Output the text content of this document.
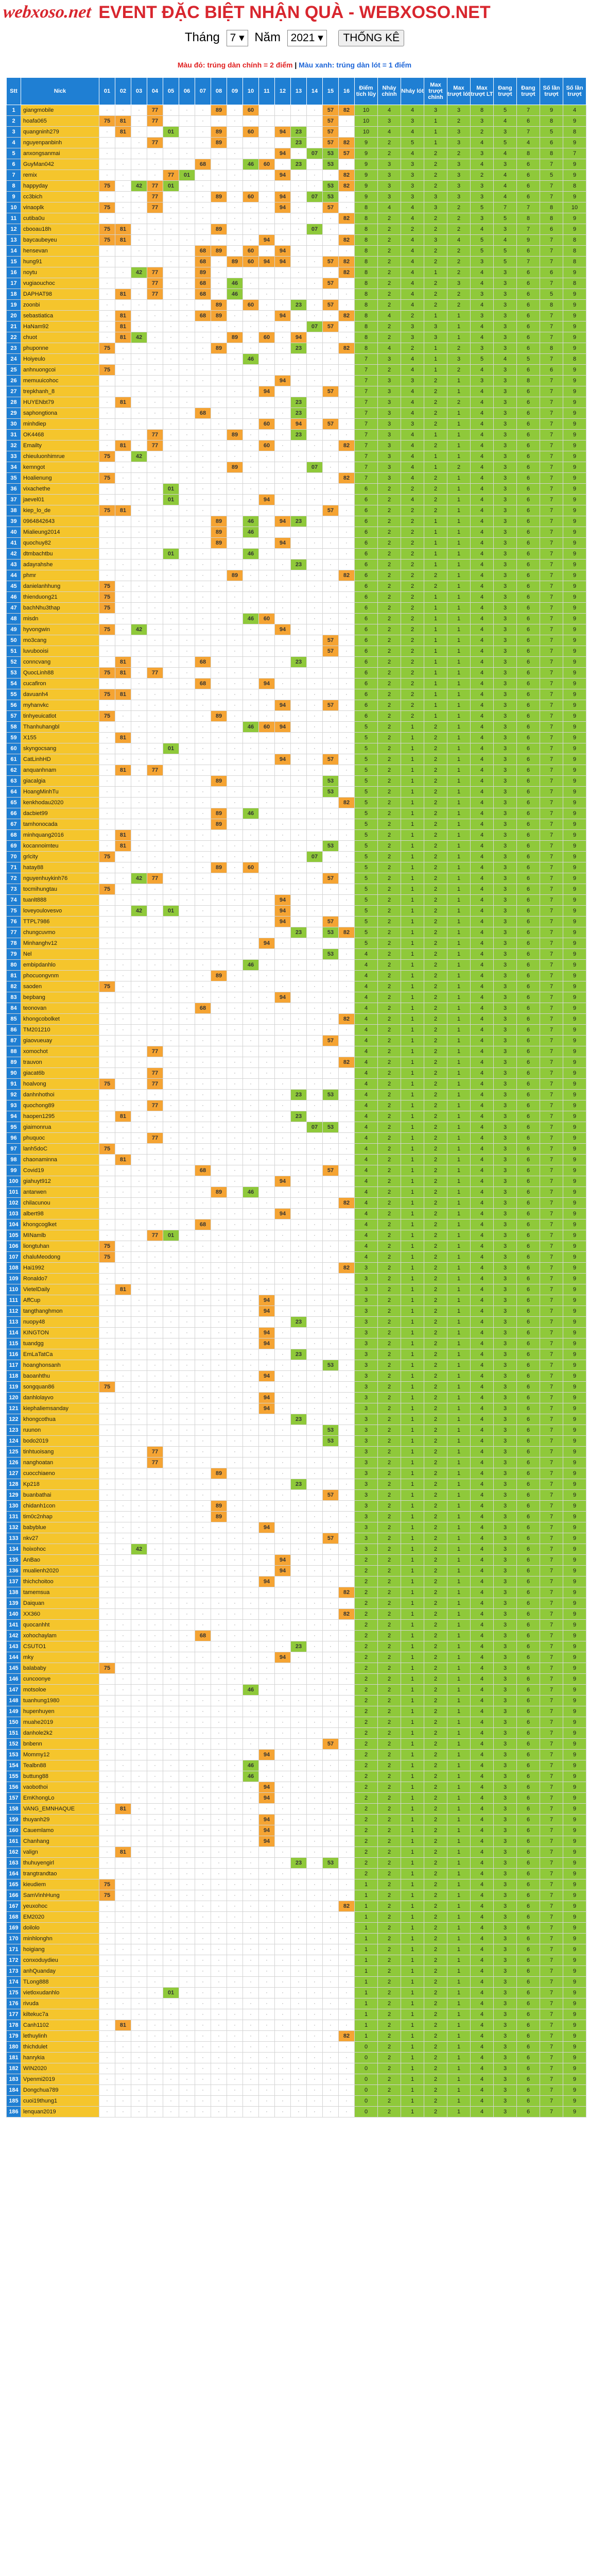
webxoso.net EVENT ĐẶC BIỆT NHẬN QUÀ - WEBXOSO.NET
Tháng 7 ▾ Năm 2021 ▾ THỐNG KÊ
Màu đỏ: trúng dàn chính = 2 điểm | Màu xanh: trúng dàn lót = 1 điểm
Stt	Nick	01	02	03	04	05	06	07	08	09	10	11	12	13	14	15	16	Điểm tích lũy	Nháy chính	Nháy lót	Max trượt chính	Max trượt lót	Max trượt LT	Đang trượt	Đang trượt	Số lần trượt	Số lần trượt
1	giangmobile	·	·	·	77	·	·	·	89	·	60	·	·	·	·	57	82	10	4	4	3	3	8	5	7	9	4
2	hoafa065	75	81	·	77	·	·	·	·	·	·	·	·	·	·	57	·	10	3	3	1	2	3	4	6	8	9
3	quangninh279	·	81	·	·	01	·	·	89	·	60	·	94	23	·	57	·	10	4	4	1	3	2	3	7	5	8
4	nguyenpanbinh	·	·	·	77	·	·	·	89	·	·	·	·	23	·	57	82	9	2	5	1	3	4	5	4	6	9
5	anxongsanmai	·	·	·	·	·	·	·	·	·	·	·	94	·	07	53	57	9	2	4	2	2	3	4	8	8	7
6	GuyMan042	·	·	·	·	·	·	68	·	·	46	60	·	23	·	53	·	9	3	3	2	3	4	3	6	7	9
7	remix	·	·	·	·	77	01	·	·	·	·	·	94	·	·	·	82	9	3	3	2	3	2	4	6	5	9
8	happyday	75	·	42	77	01	·	·	·	·	·	·	·	·	·	53	82	9	3	3	2	3	3	4	6	7	8
9	cc3bich	·	·	·	77	·	·	·	89	·	60	·	94	·	07	53	·	9	3	3	3	3	3	4	6	7	9
10	vinaoplk	75	·	·	77	·	·	·	·	·	·	·	94	·	·	57	·	8	4	4	3	2	5	7	7	8	10
11	cutiba0u	·	·	·	·	·	·	·	·	·	·	·	·	·	·	·	82	8	2	4	2	2	3	5	8	8	9
12	cbooau18h	75	81	·	·	·	·	·	89	·	·	·	·	·	07	·	·	8	2	2	2	2	4	3	7	6	9
13	baycaubeyeu	75	81	·	·	·	·	·	·	·	·	94	·	·	·	·	82	8	2	4	3	4	5	4	9	7	8
14	hensevan	·	·	·	·	·	·	68	89	·	60	·	94	·	·	·	·	8	2	4	2	2	5	5	6	7	8
15	hung91	·	·	·	·	·	·	68	·	89	60	94	94	·	·	57	82	8	2	4	2	2	3	5	7	7	8
16	noytu	·	·	42	77	·	·	89	·	·	·	·	·	·	·	·	82	8	2	4	1	2	4	3	6	6	9
17	vugiaouchoc	·	·	·	77	·	·	68	·	46	·	·	·	·	·	57	·	8	2	4	2	3	4	3	6	7	8
18	DAPHAT98	·	81	·	77	·	·	68	·	46	·	·	·	·	·	·	·	8	2	4	2	2	3	3	6	5	9
19	zoonbi	·	·	·	·	·	·	·	89	·	60	·	·	23	·	57	·	8	2	4	2	2	4	3	6	8	9
20	sebastiatica	·	81	·	·	·	·	68	89	·	·	·	94	·	·	·	82	8	4	2	1	1	3	3	6	7	9
21	HaNam92	·	81	·	·	·	·	·	·	·	·	·	·	·	07	57	·	8	2	3	3	1	4	3	6	7	9
22	chuot	·	81	42	·	·	·	·	·	89	·	60	·	94	·	·	·	8	2	3	3	1	4	3	6	7	9
23	phuponne	75	·	·	·	·	·	·	89	·	·	·	·	23	·	·	82	8	4	2	1	2	3	3	6	8	9
24	Hoiyeulo	·	·	·	·	·	·	·	·	·	46	·	·	·	·	·	·	7	3	4	1	3	5	4	5	7	8
25	anhnuongcoi	75	·	·	·	·	·	·	·	·	·	·	·	·	·	·	·	7	2	4	1	2	4	3	6	6	9
26	memuuicohoc	·	·	·	·	·	·	·	·	·	·	·	94	·	·	·	·	7	3	3	2	1	3	3	8	7	9
27	trepkhanh_8	·	·	·	·	·	·	·	·	·	·	94	·	·	·	57	·	7	3	4	2	1	4	3	6	7	9
28	HUYENbt79	·	81	·	·	·	·	·	·	·	·	·	·	23	·	·	·	7	3	4	2	2	4	3	6	7	9
29	saphongtiona	·	·	·	·	·	·	68	·	·	·	·	·	23	·	·	·	7	3	4	2	1	4	3	6	7	9
30	minhdiep	·	·	·	·	·	·	·	·	·	·	60	·	94	·	57	·	7	3	3	2	1	4	3	6	7	9
31	OK4468	·	·	·	77	·	·	·	·	89	·	·	·	23	·	·	·	7	3	4	1	1	4	3	6	7	9
32	Emailty	·	81	·	77	·	·	·	·	·	·	60	·	·	·	·	82	7	3	4	2	1	4	3	6	7	9
33	chieuluonhimrue	75	·	42	·	·	·	·	·	·	·	·	·	·	·	·	·	7	3	4	1	1	4	3	6	7	9
34	kemngot	·	·	·	·	·	·	·	·	89	·	·	·	·	07	·	·	7	3	4	1	2	4	3	6	7	9
35	Hoalienung	75	·	·	·	·	·	·	·	·	·	·	·	·	·	·	82	7	3	4	2	1	4	3	6	7	9
36	vixachethe	·	·	·	·	01	·	·	·	·	·	·	·	·	·	·	·	6	2	2	2	1	4	3	6	7	9
37	jaevel01	·	·	·	·	01	·	·	·	·	·	94	·	·	·	·	·	6	2	4	2	1	4	3	6	7	9
38	kiep_lo_de	75	81	·	·	·	·	·	·	·	·	·	·	·	·	57	·	6	2	2	2	1	4	3	6	7	9
39	0964842643	·	·	·	·	·	·	·	89	·	46	·	94	23	·	·	·	6	2	2	1	1	4	3	6	7	9
40	Mialieung2014	·	·	·	·	·	·	·	89	·	46	·	·	·	·	·	·	6	2	2	1	1	4	3	6	7	9
41	quochuy82	·	·	·	·	·	·	·	89	·	·	·	94	·	·	·	·	6	2	2	1	1	4	3	6	7	9
42	dtmbachtbu	·	·	·	·	01	·	·	·	·	46	·	·	·	·	·	·	6	2	2	1	1	4	3	6	7	9
43	adayrahshe	·	·	·	·	·	·	·	·	·	·	·	·	23	·	·	·	6	2	2	1	1	4	3	6	7	9
44	phmr	·	·	·	·	·	·	·	·	89	·	·	·	·	·	·	82	6	2	2	2	1	4	3	6	7	9
45	danielanhhung	75	·	·	·	·	·	·	·	·	·	·	·	·	·	·	·	6	2	2	2	1	4	3	6	7	9
46	thienduong21	75	·	·	·	·	·	·	·	·	·	·	·	·	·	·	·	6	2	2	1	1	4	3	6	7	9
47	bachNhu3thap	75	·	·	·	·	·	·	·	·	·	·	·	·	·	·	·	6	2	2	1	1	4	3	6	7	9
48	misdn	·	·	·	·	·	·	·	·	·	46	60	·	·	·	·	·	6	2	2	1	1	4	3	6	7	9
49	hyvongwin	75	·	42	·	·	·	·	·	·	·	·	94	·	·	·	·	6	2	2	1	1	4	3	6	7	9
50	mo3cang	·	·	·	·	·	·	·	·	·	·	·	·	·	·	57	·	6	2	2	1	1	4	3	6	7	9
51	luvubooisi	·	·	·	·	·	·	·	·	·	·	·	·	·	·	57	·	6	2	2	1	1	4	3	6	7	9
52	conncvang	·	81	·	·	·	·	68	·	·	·	·	·	23	·	·	·	6	2	2	1	1	4	3	6	7	9
53	QuocLinh88	75	81	·	77	·	·	·	·	·	·	·	·	·	·	·	·	6	2	2	1	1	4	3	6	7	9
54	cucafiron	·	·	·	·	·	·	68	·	·	·	94	·	·	·	·	·	6	2	2	1	1	4	3	6	7	9
55	davuanh4	75	81	·	·	·	·	·	·	·	·	·	·	·	·	·	·	6	2	2	1	1	4	3	6	7	9
56	myhanvkc	·	·	·	·	·	·	·	·	·	·	·	94	·	·	57	·	6	2	2	1	1	4	3	6	7	9
57	tinhyeuicatlot	75	·	·	·	·	·	·	89	·	·	·	·	·	·	·	·	6	2	2	1	1	4	3	6	7	9
58	Thanhuhangbl	·	·	·	·	·	·	·	·	·	46	60	94	·	·	·	·	5	2	1	2	1	4	3	6	7	9
59	X155	·	81	·	·	·	·	·	·	·	·	·	·	·	·	·	·	5	2	1	2	1	4	3	6	7	9
60	skyngocsang	·	·	·	·	01	·	·	·	·	·	·	·	·	·	·	·	5	2	1	2	1	4	3	6	7	9
61	CatLinhHD	·	·	·	·	·	·	·	·	·	·	·	94	·	·	57	·	5	2	1	2	1	4	3	6	7	9
62	anquanhnam	·	81	·	77	·	·	·	·	·	·	·	·	·	·	·	·	5	2	1	2	1	4	3	6	7	9
63	giacalgia	·	·	·	·	·	·	·	89	·	·	·	·	·	·	53	·	5	2	1	2	1	4	3	6	7	9
64	HoangMinhTu	·	·	·	·	·	·	·	·	·	·	·	·	·	·	53	·	5	2	1	2	1	4	3	6	7	9
65	kenkhodau2020	·	·	·	·	·	·	·	·	·	·	·	·	·	·	·	82	5	2	1	2	1	4	3	6	7	9
66	dacbiet99	·	·	·	·	·	·	·	89	·	46	·	·	·	·	·	·	5	2	1	2	1	4	3	6	7	9
67	tamhonocada	·	·	·	·	·	·	·	89	·	·	·	·	·	·	·	·	5	2	1	2	1	4	3	6	7	9
68	minhquang2016	·	81	·	·	·	·	·	·	·	·	·	·	·	·	·	·	5	2	1	2	1	4	3	6	7	9
69	kocannoimteu	·	81	·	·	·	·	·	·	·	·	·	·	·	·	53	·	5	2	1	2	1	4	3	6	7	9
70	grlcity	75	·	·	·	·	·	·	·	·	·	·	·	·	07	·	·	5	2	1	2	1	4	3	6	7	9
71	hatay88	·	·	·	·	·	·	·	89	·	60	·	·	·	·	·	·	5	2	1	2	1	4	3	6	7	9
72	nguyenhuykinh76	·	·	42	77	·	·	·	·	·	·	·	·	·	·	57	·	5	2	1	2	1	4	3	6	7	9
73	tocmihungtau	75	·	·	·	·	·	·	·	·	·	·	·	·	·	·	·	5	2	1	2	1	4	3	6	7	9
74	tuanlt888	·	·	·	·	·	·	·	·	·	·	·	94	·	·	·	·	5	2	1	2	1	4	3	6	7	9
75	loveyoulovesvo	·	·	42	·	01	·	·	·	·	·	·	94	·	·	·	·	5	2	1	2	1	4	3	6	7	9
76	TTPL7986	·	·	·	·	·	·	·	·	·	·	·	94	·	·	57	·	5	2	1	2	1	4	3	6	7	9
77	chungcuvmo	·	·	·	·	·	·	·	·	·	·	·	·	23	·	53	82	5	2	1	2	1	4	3	6	7	9
78	Minhanghv12	·	·	·	·	·	·	·	·	·	·	94	·	·	·	·	·	5	2	1	2	1	4	3	6	7	9
79	Nel	·	·	·	·	·	·	·	·	·	·	·	·	·	·	53	·	4	2	1	2	1	4	3	6	7	9
80	embipdanhlo	·	·	·	·	·	·	·	·	·	46	·	·	·	·	·	·	4	2	1	2	1	4	3	6	7	9
81	phocuongvnm	·	·	·	·	·	·	·	89	·	·	·	·	·	·	·	·	4	2	1	2	1	4	3	6	7	9
82	saoden	75	·	·	·	·	·	·	·	·	·	·	·	·	·	·	·	4	2	1	2	1	4	3	6	7	9
83	bepbang	·	·	·	·	·	·	·	·	·	·	·	94	·	·	·	·	4	2	1	2	1	4	3	6	7	9
84	teonovan	·	·	·	·	·	·	68	·	·	·	·	·	·	·	·	·	4	2	1	2	1	4	3	6	7	9
85	khongcobolket	·	·	·	·	·	·	·	·	·	·	·	·	·	·	·	82	4	2	1	2	1	4	3	6	7	9
86	TM201210	·	·	·	·	·	·	·	·	·	·	·	·	·	·	·	·	4	2	1	2	1	4	3	6	7	9
87	giaovueuay	·	·	·	·	·	·	·	·	·	·	·	·	·	·	57	·	4	2	1	2	1	4	3	6	7	9
88	xomochot	·	·	·	77	·	·	·	·	·	·	·	·	·	·	·	·	4	2	1	2	1	4	3	6	7	9
89	trauvon	·	·	·	·	·	·	·	·	·	·	·	·	·	·	·	82	4	2	1	2	1	4	3	6	7	9
90	giacat6b	·	·	·	77	·	·	·	·	·	·	·	·	·	·	·	·	4	2	1	2	1	4	3	6	7	9
91	hoalvong	75	·	·	77	·	·	·	·	·	·	·	·	·	·	·	·	4	2	1	2	1	4	3	6	7	9
92	danhnhothoi	·	·	·	·	·	·	·	·	·	·	·	·	23	·	53	·	4	2	1	2	1	4	3	6	7	9
93	quochong89	·	·	·	77	·	·	·	·	·	·	·	·	·	·	·	·	4	2	1	2	1	4	3	6	7	9
94	haopen1295	·	81	·	·	·	·	·	·	·	·	·	·	23	·	·	·	4	2	1	2	1	4	3	6	7	9
95	giaimonrua	·	·	·	·	·	·	·	·	·	·	·	·	·	07	53	·	4	2	1	2	1	4	3	6	7	9
96	phuquoc	·	·	·	77	·	·	·	·	·	·	·	·	·	·	·	·	4	2	1	2	1	4	3	6	7	9
97	lanh5doC	75	·	·	·	·	·	·	·	·	·	·	·	·	·	·	·	4	2	1	2	1	4	3	6	7	9
98	chaonaminna	·	81	·	·	·	·	·	·	·	·	·	·	·	·	·	·	4	2	1	2	1	4	3	6	7	9
99	Covid19	·	·	·	·	·	·	68	·	·	·	·	·	·	·	57	·	4	2	1	2	1	4	3	6	7	9
100	giahuyt912	·	·	·	·	·	·	·	·	·	·	·	94	·	·	·	·	4	2	1	2	1	4	3	6	7	9
101	antarwen	·	·	·	·	·	·	·	89	·	46	·	·	·	·	·	·	4	2	1	2	1	4	3	6	7	9
102	chilacunou	·	·	·	·	·	·	·	·	·	·	·	·	·	·	·	82	4	2	1	2	1	4	3	6	7	9
103	albert98	·	·	·	·	·	·	·	·	·	·	·	94	·	·	·	·	4	2	1	2	1	4	3	6	7	9
104	khongcoglket	·	·	·	·	·	·	68	·	·	·	·	·	·	·	·	·	4	2	1	2	1	4	3	6	7	9
105	MINamlb	·	·	·	77	01	·	·	·	·	·	·	·	·	·	·	·	4	2	1	2	1	4	3	6	7	9
106	liongtuhan	75	·	·	·	·	·	·	·	·	·	·	·	·	·	·	·	4	2	1	2	1	4	3	6	7	9
107	chaluMeodong	75	·	·	·	·	·	·	·	·	·	·	·	·	·	·	·	4	2	1	2	1	4	3	6	7	9
108	Hai1992	·	·	·	·	·	·	·	·	·	·	·	·	·	·	·	82	3	2	1	2	1	4	3	6	7	9
109	Ronaldo7	·	·	·	·	·	·	·	·	·	·	·	·	·	·	·	·	3	2	1	2	1	4	3	6	7	9
110	VietelDaily	·	81	·	·	·	·	·	·	·	·	·	·	·	·	·	·	3	2	1	2	1	4	3	6	7	9
111	AffCup	·	·	·	·	·	·	·	·	·	·	94	·	·	·	·	·	3	2	1	2	1	4	3	6	7	9
112	tangthanghmon	·	·	·	·	·	·	·	·	·	·	94	·	·	·	·	·	3	2	1	2	1	4	3	6	7	9
113	nuopy48	·	·	·	·	·	·	·	·	·	·	·	·	23	·	·	·	3	2	1	2	1	4	3	6	7	9
114	KINGTON	·	·	·	·	·	·	·	·	·	·	94	·	·	·	·	·	3	2	1	2	1	4	3	6	7	9
115	tuandgg	·	·	·	·	·	·	·	·	·	·	94	·	·	·	·	·	3	2	1	2	1	4	3	6	7	9
116	EmLaTatCa	·	·	·	·	·	·	·	·	·	·	·	·	23	·	·	·	3	2	1	2	1	4	3	6	7	9
117	hoanghonsanh	·	·	·	·	·	·	·	·	·	·	·	·	·	·	53	·	3	2	1	2	1	4	3	6	7	9
118	baoanhthu	·	·	·	·	·	·	·	·	·	·	94	·	·	·	·	·	3	2	1	2	1	4	3	6	7	9
119	songquan86	75	·	·	·	·	·	·	·	·	·	·	·	·	·	·	·	3	2	1	2	1	4	3	6	7	9
120	danhlolayvo	·	·	·	·	·	·	·	·	·	·	94	·	·	·	·	·	3	2	1	2	1	4	3	6	7	9
121	kiephaliemsanday	·	·	·	·	·	·	·	·	·	·	94	·	·	·	·	·	3	2	1	2	1	4	3	6	7	9
122	khongcothua	·	·	·	·	·	·	·	·	·	·	·	·	23	·	·	·	3	2	1	2	1	4	3	6	7	9
123	ruunon	·	·	·	·	·	·	·	·	·	·	·	·	·	·	53	·	3	2	1	2	1	4	3	6	7	9
124	bodo2019	·	·	·	·	·	·	·	·	·	·	·	·	·	·	53	·	3	2	1	2	1	4	3	6	7	9
125	tinhtuoisang	·	·	·	77	·	·	·	·	·	·	·	·	·	·	·	·	3	2	1	2	1	4	3	6	7	9
126	nanghoatan	·	·	·	77	·	·	·	·	·	·	·	·	·	·	·	·	3	2	1	2	1	4	3	6	7	9
127	cuocchiaeno	·	·	·	·	·	·	·	89	·	·	·	·	·	·	·	·	3	2	1	2	1	4	3	6	7	9
128	Kp218	·	·	·	·	·	·	·	·	·	·	·	·	23	·	·	·	3	2	1	2	1	4	3	6	7	9
129	buanbathai	·	·	·	·	·	·	·	·	·	·	·	·	·	·	57	·	3	2	1	2	1	4	3	6	7	9
130	chidanh1con	·	·	·	·	·	·	·	89	·	·	·	·	·	·	·	·	3	2	1	2	1	4	3	6	7	9
131	tim0c2nhap	·	·	·	·	·	·	·	89	·	·	·	·	·	·	·	·	3	2	1	2	1	4	3	6	7	9
132	babyblue	·	·	·	·	·	·	·	·	·	·	94	·	·	·	·	·	3	2	1	2	1	4	3	6	7	9
133	nkv27	·	·	·	·	·	·	·	·	·	·	·	·	·	·	57	·	3	2	1	2	1	4	3	6	7	9
134	hoixohoc	·	·	42	·	·	·	·	·	·	·	·	·	·	·	·	·	3	2	1	2	1	4	3	6	7	9
135	AnBao	·	·	·	·	·	·	·	·	·	·	·	94	·	·	·	·	2	2	1	2	1	4	3	6	7	9
136	mualienh2020	·	·	·	·	·	·	·	·	·	·	·	94	·	·	·	·	2	2	1	2	1	4	3	6	7	9
137	thichchoitoo	·	·	·	·	·	·	·	·	·	·	94	·	·	·	·	·	2	2	1	2	1	4	3	6	7	9
138	tamemsua	·	·	·	·	·	·	·	·	·	·	·	·	·	·	·	82	2	2	1	2	1	4	3	6	7	9
139	Daiquan	·	·	·	·	·	·	·	·	·	·	·	·	·	·	·	·	2	2	1	2	1	4	3	6	7	9
140	XX360	·	·	·	·	·	·	·	·	·	·	·	·	·	·	·	82	2	2	1	2	1	4	3	6	7	9
141	quocanhht	·	·	·	·	·	·	·	·	·	·	·	·	·	·	·	·	2	2	1	2	1	4	3	6	7	9
142	xohochaylam	·	·	·	·	·	·	68	·	·	·	·	·	·	·	·	·	2	2	1	2	1	4	3	6	7	9
143	CSUTO1	·	·	·	·	·	·	·	·	·	·	·	·	23	·	·	·	2	2	1	2	1	4	3	6	7	9
144	mky	·	·	·	·	·	·	·	·	·	·	·	94	·	·	·	·	2	2	1	2	1	4	3	6	7	9
145	balababy	75	·	·	·	·	·	·	·	·	·	·	·	·	·	·	·	2	2	1	2	1	4	3	6	7	9
146	cuncoonye	·	·	·	·	·	·	·	·	·	·	·	·	·	·	·	·	2	2	1	2	1	4	3	6	7	9
147	motsoloe	·	·	·	·	·	·	·	·	·	46	·	·	·	·	·	·	2	2	1	2	1	4	3	6	7	9
148	tuanhung1980	·	·	·	·	·	·	·	·	·	·	·	·	·	·	·	·	2	2	1	2	1	4	3	6	7	9
149	hupenhuyen	·	·	·	·	·	·	·	·	·	·	·	·	·	·	·	·	2	2	1	2	1	4	3	6	7	9
150	muahe2019	·	·	·	·	·	·	·	·	·	·	·	·	·	·	·	·	2	2	1	2	1	4	3	6	7	9
151	danhole2k2	·	·	·	·	·	·	·	·	·	·	·	·	·	·	·	·	2	2	1	2	1	4	3	6	7	9
152	bnbenn	·	·	·	·	·	·	·	·	·	·	·	·	·	·	57	·	2	2	1	2	1	4	3	6	7	9
153	Mommy12	·	·	·	·	·	·	·	·	·	·	94	·	·	·	·	·	2	2	1	2	1	4	3	6	7	9
154	Tealbn88	·	·	·	·	·	·	·	·	·	46	·	·	·	·	·	·	2	2	1	2	1	4	3	6	7	9
155	buttung88	·	·	·	·	·	·	·	·	·	46	·	·	·	·	·	·	2	2	1	2	1	4	3	6	7	9
156	vaobothoi	·	·	·	·	·	·	·	·	·	·	94	·	·	·	·	·	2	2	1	2	1	4	3	6	7	9
157	EmKhongLo	·	·	·	·	·	·	·	·	·	·	94	·	·	·	·	·	2	2	1	2	1	4	3	6	7	9
158	VANG_EMNHAQUE	·	81	·	·	·	·	·	·	·	·	·	·	·	·	·	·	2	2	1	2	1	4	3	6	7	9
159	thuyanh29	·	·	·	·	·	·	·	·	·	·	94	·	·	·	·	·	2	2	1	2	1	4	3	6	7	9
160	Cauemlamo	·	·	·	·	·	·	·	·	·	·	94	·	·	·	·	·	2	2	1	2	1	4	3	6	7	9
161	Chanhang	·	·	·	·	·	·	·	·	·	·	94	·	·	·	·	·	2	2	1	2	1	4	3	6	7	9
162	valign	·	81	·	·	·	·	·	·	·	·	·	·	·	·	·	·	2	2	1	2	1	4	3	6	7	9
163	thuhuyengirl	·	·	·	·	·	·	·	·	·	·	·	·	23	·	53	·	2	2	1	2	1	4	3	6	7	9
164	trangtrandtao	·	·	·	·	·	·	·	·	·	·	·	·	·	·	·	·	2	2	1	2	1	4	3	6	7	9
165	kieudiem	75	·	·	·	·	·	·	·	·	·	·	·	·	·	·	·	1	2	1	2	1	4	3	6	7	9
166	SamVinhHung	75	·	·	·	·	·	·	·	·	·	·	·	·	·	·	·	1	2	1	2	1	4	3	6	7	9
167	yeuxohoc	·	·	·	·	·	·	·	·	·	·	·	·	·	·	·	82	1	2	1	2	1	4	3	6	7	9
168	EM2020	·	·	·	·	·	·	·	·	·	·	·	·	·	·	·	·	1	2	1	2	1	4	3	6	7	9
169	doilolo	·	·	·	·	·	·	·	·	·	·	·	·	·	·	·	·	1	2	1	2	1	4	3	6	7	9
170	minhlonghn	·	·	·	·	·	·	·	·	·	·	·	·	·	·	·	·	1	2	1	2	1	4	3	6	7	9
171	hoigiang	·	·	·	·	·	·	·	·	·	·	·	·	·	·	·	·	1	2	1	2	1	4	3	6	7	9
172	conxoduydieu	·	·	·	·	·	·	·	·	·	·	·	·	·	·	·	·	1	2	1	2	1	4	3	6	7	9
173	anhQuanday	·	·	·	·	·	·	·	·	·	·	·	·	·	·	·	·	1	2	1	2	1	4	3	6	7	9
174	TLong888	·	·	·	·	·	·	·	·	·	·	·	·	·	·	·	·	1	2	1	2	1	4	3	6	7	9
175	vietloxudanhlo	·	·	·	·	01	·	·	·	·	·	·	·	·	·	·	·	1	2	1	2	1	4	3	6	7	9
176	rivuda	·	·	·	·	·	·	·	·	·	·	·	·	·	·	·	·	1	2	1	2	1	4	3	6	7	9
177	kiltekuc7a	·	·	·	·	·	·	·	·	·	·	·	·	·	·	·	·	1	2	1	2	1	4	3	6	7	9
178	Canh1102	·	81	·	·	·	·	·	·	·	·	·	·	·	·	·	·	1	2	1	2	1	4	3	6	7	9
179	lethuylinh	·	·	·	·	·	·	·	·	·	·	·	·	·	·	·	82	1	2	1	2	1	4	3	6	7	9
180	thichdulet	·	·	·	·	·	·	·	·	·	·	·	·	·	·	·	·	0	2	1	2	1	4	3	6	7	9
181	hanrykia	·	·	·	·	·	·	·	·	·	·	·	·	·	·	·	·	0	2	1	2	1	4	3	6	7	9
182	WIN2020	·	·	·	·	·	·	·	·	·	·	·	·	·	·	·	·	0	2	1	2	1	4	3	6	7	9
183	Vpenmi2019	·	·	·	·	·	·	·	·	·	·	·	·	·	·	·	·	0	2	1	2	1	4	3	6	7	9
184	Dongchua789	·	·	·	·	·	·	·	·	·	·	·	·	·	·	·	·	0	2	1	2	1	4	3	6	7	9
185	cuoi19thung1	·	·	·	·	·	·	·	·	·	·	·	·	·	·	·	·	0	2	1	2	1	4	3	6	7	9
186	lenquan2019	·	·	·	·	·	·	·	·	·	·	·	·	·	·	·	·	0	2	1	2	1	4	3	6	7	9
